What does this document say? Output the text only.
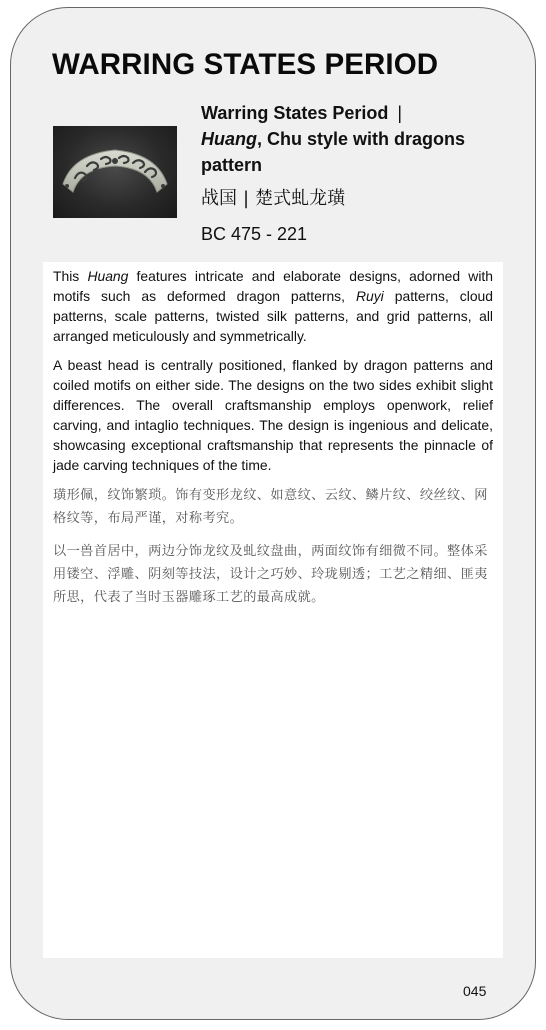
WARRING STATES PERIOD
Warring States Period |
Huang, Chu style with dragons pattern
战国 | 楚式虬龙璜
BC 475 - 221

This Huang features intricate and elaborate designs, adorned with motifs such as deformed dragon patterns, Ruyi patterns, cloud patterns, scale patterns, twisted silk patterns, and grid patterns, all arranged meticulously and symmetrically.

A beast head is centrally positioned, flanked by dragon patterns and coiled motifs on either side. The designs on the two sides exhibit slight differences. The overall craftsmanship employs openwork, relief carving, and intaglio techniques. The design is ingenious and delicate, showcasing exceptional craftsmanship that represents the pinnacle of jade carving techniques of the time.

璜形佩，纹饰繁琐。饰有变形龙纹、如意纹、云纹、鳞片纹、绞丝纹、网格纹等，布局严谨，对称考究。

以一兽首居中，两边分饰龙纹及虬纹盘曲，两面纹饰有细微不同。整体采用镂空、浮雕、阴刻等技法，设计之巧妙、玲珑剔透；工艺之精细、匪夷所思，代表了当时玉器雕琢工艺的最高成就。

045
